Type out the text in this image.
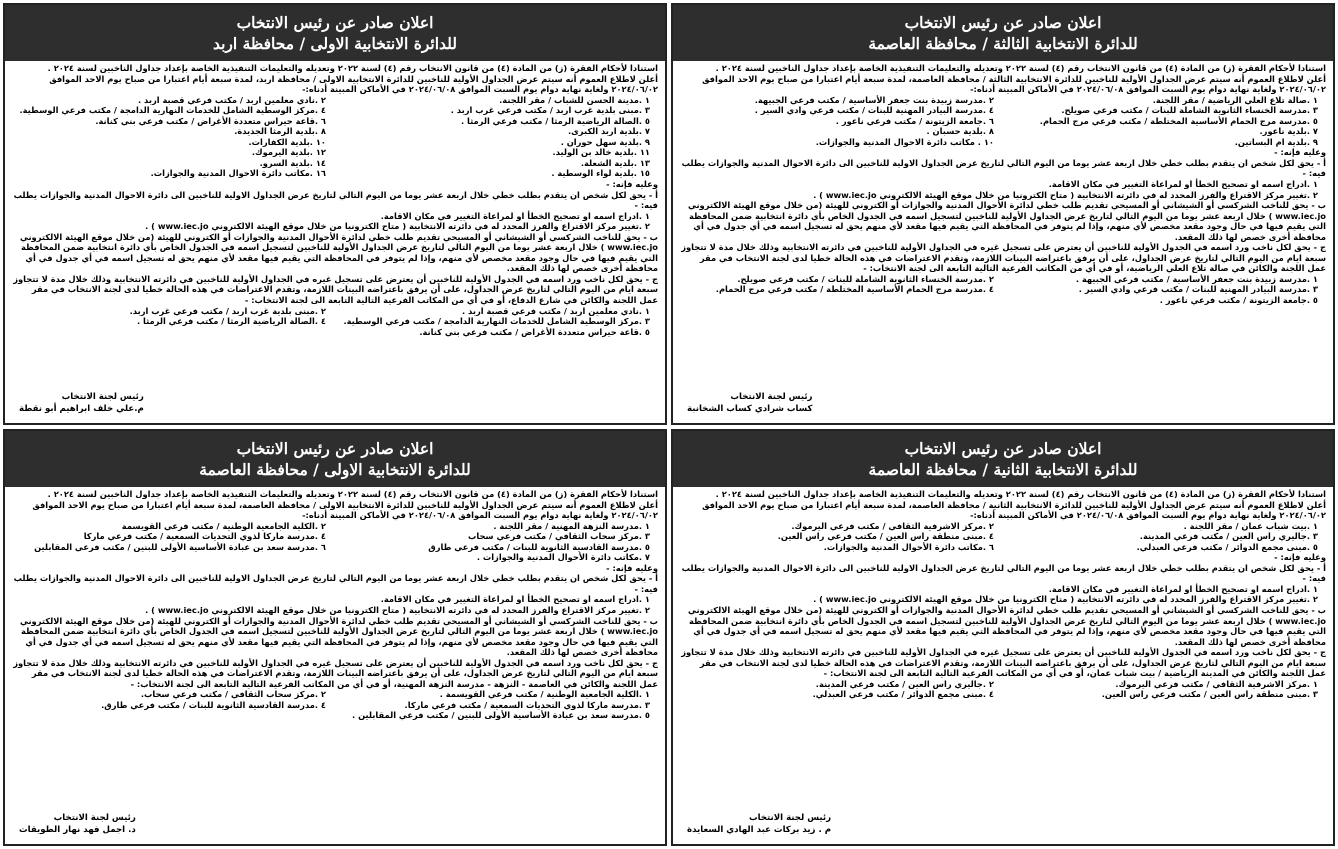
اعلان صادر عن رئيس الانتخاب
للدائرة الانتخابية الثالثة / محافظة العاصمة

استنادا لأحكام الفقرة (ز) من المادة (٤) من قانون الانتخاب رقم (٤) لسنة ٢٠٢٢ وتعديله والتعليمات التنفيذية الخاصة بإعداد جداول الناخبين لسنة ٢٠٢٤ .

أعلن لاطلاع العموم أنه سيتم عرض الجداول الأولية للناخبين للدائرة الانتخابية الثالثة / محافظة العاصمة، لمدة سبعة أيام اعتبارا من صباح يوم الاحد الموافق ٢٠٢٤/٠٦/٠٢ ولغاية نهاية دوام يوم السبت الموافق ٢٠٢٤/٠٦/٠٨ في الأماكن المبينة أدناه:-

١ .صالة تلاع العلي الرياضية / مقر اللجنة.
٢ .مدرسة زبيدة بنت جعفر الأساسية / مكتب فرعي الجبيهة.
٣ .مدرسة الخنساء الثانوية الشاملة للبنات / مكتب فرعي صويلح.
٤ .مدرسة البيادر المهنية للبنات / مكتب فرعي وادي السير .
٥ .مدرسة مرج الحمام الأساسية المختلطة / مكتب فرعي مرج الحمام.
٦ .جامعة الزيتونة / مكتب فرعي ناعور .
٧ .بلدية ناعور.
٨ .بلدية حسبان .
٩ .بلدية ام البساتين.
١٠ . مكاتب دائرة الاحوال المدنية والجوازات.

وعليه فإنه: -

أ - يحق لكل شخص ان يتقدم بطلب خطي خلال اربعة عشر يوما من اليوم التالي لتاريخ عرض الجداول الاولية للناخبين الى دائرة الاحوال المدنية والجوازات يطلب فيه: -

١ .ادراج اسمه او تصحيح الخطأ او لمراعاة التغيير في مكان الاقامة.

٢ .تغيير مركز الاقتراع والفرز المحدد له في دائرته الانتخابية ( متاح الكترونيا من خلال موقع الهيئة الالكتروني www.iec.jo ) .

ب - يحق للناخب الشركسي أو الشيشاني أو المسيحي تقديم طلب خطي لدائرة الأحوال المدنية والجوازات أو الكتروني للهيئة (من خلال موقع الهيئة الالكتروني www.iec.jo ) خلال اربعة عشر يوما من اليوم التالي لتاريخ عرض الجداول الأولية للناخبين لتسجيل اسمه في الجدول الخاص بأي دائرة انتخابية ضمن المحافظة التي يقيم فيها في حال وجود مقعد مخصص لأي منهم، وإذا لم يتوفر في المحافظة التي يقيم فيها مقعد لأي منهم يحق له تسجيل اسمه في أي جدول في أي محافظة أخرى خصص لها ذلك المقعد.

ج - يحق لكل ناخب ورد اسمه في الجدول الأولية للناخبين أن يعترض على تسجيل غيره في الجداول الأولية للناخبين في دائرته الانتخابية وذلك خلال مدة لا تتجاوز سبعة ايام من اليوم التالي لتاريخ عرض الجداول، على أن يرفق باعتراضه البينات اللازمة، وتقدم الاعتراضات في هذه الحالة خطيا لدى لجنة الانتخاب في مقر عمل اللجنة والكائن في صالة تلاع العلي الرياضية، أو في أي من المكاتب الفرعية التالية التابعة الى لجنة الانتخاب: -

١ .مدرسة زبيدة بنت جعفر الأساسية / مكتب فرعي الجبيهة .
٢ .مدرسة الخنساء الثانوية الشاملة للبنات / مكتب فرعي صويلح.
٣ .مدرسة البيادر المهنية للبنات / مكتب فرعي وادي السير .
٤ .مدرسة مرج الحمام الأساسية المختلطة / مكتب فرعي مرج الحمام.
٥ .جامعة الزيتونة / مكتب فرعي ناعور .
رئيس لجنة الانتخاب
كساب شرادي كساب الشخانبة
اعلان صادر عن رئيس الانتخاب
للدائرة الانتخابية الاولى / محافظة اربد

استنادا لأحكام الفقرة (ز) من المادة (٤) من قانون الانتخاب رقم (٤) لسنة ٢٠٢٢ وتعديله والتعليمات التنفيذية الخاصة بإعداد جداول الناخبين لسنة ٢٠٢٤ .

أعلن لاطلاع العموم أنه سيتم عرض الجداول الأولية للناخبين للدائرة الانتخابية الاولى / محافظة اربد، لمدة سبعة أيام اعتبارا من صباح يوم الاحد الموافق ٢٠٢٤/٠٦/٠٢ ولغاية نهاية دوام يوم السبت الموافق ٢٠٢٤/٠٦/٠٨ في الأماكن المبينة أدناه:-

١ .مدينة الحسن للشباب / مقر اللجنة.
٢ .نادي معلمين اربد / مكتب فرعي قصبة اربد .
٣ .مبنى بلدية غرب اربد / مكتب فرعي غرب اربد .
٤ .مركز الوسطية الشامل للخدمات النهارية الدامجة / مكتب فرعي الوسطية.
٥ .الصالة الرياضية الرمثا / مكتب فرعي الرمثا .
٦ .قاعة حيراس متعددة الأغراض / مكتب فرعي بني كنانة.
٧ .بلدية اربد الكبرى.
٨ .بلدية الرمثا الجديدة.
٩ .بلدية سهل حوران .
١٠ .بلدية الكفارات.
١١ .بلدية خالد بن الوليد.
١٢ .بلدية اليرموك.
١٣ .بلدية الشعلة.
١٤ .بلدية السرو.
١٥ .بلدية لواء الوسطية .
١٦ .مكاتب دائرة الاحوال المدنية والجوازات.

وعليه فإنه: -

أ - يحق لكل شخص ان يتقدم بطلب خطي خلال اربعة عشر يوما من اليوم التالي لتاريخ عرض الجداول الاولية للناخبين الى دائرة الاحوال المدنية والجوازات يطلب فيه: -

١ .ادراج اسمه او تصحيح الخطأ او لمراعاة التغيير في مكان الاقامة.

٢ .تغيير مركز الاقتراع والفرز المحدد له في دائرته الانتخابية ( متاح الكترونيا من خلال موقع الهيئة الالكتروني www.iec.jo ) .

ب - يحق للناخب الشركسي أو الشيشاني أو المسيحي تقديم طلب خطي لدائرة الأحوال المدنية والجوازات أو الكتروني للهيئة (من خلال موقع الهيئة الالكتروني www.iec.jo ) خلال اربعة عشر يوما من اليوم التالي لتاريخ عرض الجداول الأولية للناخبين لتسجيل اسمه في الجدول الخاص بأي دائرة انتخابية ضمن المحافظة التي يقيم فيها في حال وجود مقعد مخصص لأي منهم، وإذا لم يتوفر في المحافظة التي يقيم فيها مقعد لأي منهم يحق له تسجيل اسمه في أي جدول في أي محافظة أخرى خصص لها ذلك المقعد.

ج - يحق لكل ناخب ورد اسمه في الجدول الأولية للناخبين أن يعترض على تسجيل غيره في الجداول الأولية للناخبين في دائرته الانتخابية وذلك خلال مدة لا تتجاوز سبعة ايام من اليوم التالي لتاريخ عرض الجداول، على أن يرفق باعتراضه البينات اللازمة، وتقدم الاعتراضات في هذه الحالة خطيا لدى لجنة الانتخاب في مقر عمل اللجنة والكائن في شارع الدفاع، أو في أي من المكاتب الفرعية التالية التابعة الى لجنة الانتخاب: -

١ .نادي معلمين اربد / مكتب فرعي قصبة اربد .
٢ .مبنى بلدية غرب اربد / مكتب فرعي غرب اربد.
٣ .مركز الوسطية الشامل للخدمات النهارية الدامجة / مكتب فرعي الوسطية.
٤ .الصالة الرياضية الرمثا / مكتب فرعي الرمثا .
٥ .قاعة حيراس متعددة الأغراض / مكتب فرعي بني كنانة.
رئيس لجنة الانتخاب
م.علي خلف ابراهيم أبو نقطة
اعلان صادر عن رئيس الانتخاب
للدائرة الانتخابية الثانية / محافظة العاصمة

استنادا لأحكام الفقرة (ز) من المادة (٤) من قانون الانتخاب رقم (٤) لسنة ٢٠٢٢ وتعديله والتعليمات التنفيذية الخاصة بإعداد جداول الناخبين لسنة ٢٠٢٤ .

أعلن لاطلاع العموم أنه سيتم عرض الجداول الأولية للناخبين للدائرة الانتخابية الثانية / محافظة العاصمة، لمدة سبعة أيام اعتبارا من صباح يوم الاحد الموافق ٢٠٢٤/٠٦/٠٢ ولغاية نهاية دوام يوم السبت الموافق ٢٠٢٤/٠٦/٠٨ في الأماكن المبينة أدناه:-

١ .بيت شباب عمان / مقر اللجنة .
٢ .مركز الاشرفية الثقافي / مكتب فرعي اليرموك.
٣ .جاليري راس العين / مكتب فرعي المدينة.
٤ .مبنى منطقة راس العين / مكتب فرعي راس العين.
٥ .مبنى مجمع الدوائر / مكتب فرعي العبدلي.
٦ .مكاتب دائرة الأحوال المدنية والجوازات.

وعليه فإنه: -

أ - يحق لكل شخص ان يتقدم بطلب خطي خلال اربعة عشر يوما من اليوم التالي لتاريخ عرض الجداول الاولية للناخبين الى دائرة الاحوال المدنية والجوازات يطلب فيه: -

١ .ادراج اسمه او تصحيح الخطأ او لمراعاة التغيير في مكان الاقامة.

٢ .تغيير مركز الاقتراع والفرز المحدد له في دائرته الانتخابية ( متاح الكترونيا من خلال موقع الهيئة الالكتروني www.iec.jo ) .

ب - يحق للناخب الشركسي أو الشيشاني أو المسيحي تقديم طلب خطي لدائرة الأحوال المدنية والجوازات أو الكتروني للهيئة (من خلال موقع الهيئة الالكتروني www.iec.jo ) خلال اربعة عشر يوما من اليوم التالي لتاريخ عرض الجداول الأولية للناخبين لتسجيل اسمه في الجدول الخاص بأي دائرة انتخابية ضمن المحافظة التي يقيم فيها في حال وجود مقعد مخصص لأي منهم، وإذا لم يتوفر في المحافظة التي يقيم فيها مقعد لأي منهم يحق له تسجيل اسمه في أي جدول في أي محافظة أخرى خصص لها ذلك المقعد.

ج - يحق لكل ناخب ورد اسمه في الجدول الأولية للناخبين أن يعترض على تسجيل غيره في الجداول الأولية للناخبين في دائرته الانتخابية وذلك خلال مدة لا تتجاوز سبعة ايام من اليوم التالي لتاريخ عرض الجداول، على أن يرفق باعتراضه البينات اللازمة، وتقدم الاعتراضات في هذه الحالة خطيا لدى لجنة الانتخاب في مقر عمل اللجنة والكائن في المدينة الرياضية / بيت شباب عمان، أو في أي من المكاتب الفرعية التالية التابعة الى لجنة الانتخاب: -

١ .مركز الاشرفية الثقافي / مكتب فرعي اليرموك.
٢ .جاليري راس العين / مكتب فرعي المدينة.
٣ .مبنى منطقة راس العين / مكتب فرعي راس العين.
٤ .مبنى مجمع الدوائر / مكتب فرعي العبدلي.
رئيس لجنة الانتخاب
م . زيد بركات عبد الهادي السعايدة
اعلان صادر عن رئيس الانتخاب
للدائرة الانتخابية الاولى / محافظة العاصمة

استنادا لأحكام الفقرة (ز) من المادة (٤) من قانون الانتخاب رقم (٤) لسنة ٢٠٢٢ وتعديله والتعليمات التنفيذية الخاصة بإعداد جداول الناخبين لسنة ٢٠٢٤ .

أعلن لاطلاع العموم أنه سيتم عرض الجداول الأولية للناخبين للدائرة الانتخابية الاولى / محافظة العاصمة، لمدة سبعة أيام اعتبارا من صباح يوم الاحد الموافق ٢٠٢٤/٠٦/٠٢ ولغاية نهاية دوام يوم السبت الموافق ٢٠٢٤/٠٦/٠٨ في الأماكن المبينة أدناه:-

١ .مدرسة النزهة المهنية / مقر اللجنة .
٢ .الكلية الجامعية الوطنية / مكتب فرعي القويسمة
٣ .مركز سحاب الثقافي / مكتب فرعي سحاب
٤ .مدرسة ماركا لذوي التحديات السمعية / مكتب فرعي ماركا
٥ .مدرسة القادسية الثانوية للبنات / مكتب فرعي طارق
٦ .مدرسة سعد بن عبادة الأساسية الأولى للبنين / مكتب فرعي المقابلين
٧ .مكاتب دائرة الأحوال المدنية والجوازات .

وعليه فإنه: -

أ - يحق لكل شخص ان يتقدم بطلب خطي خلال اربعة عشر يوما من اليوم التالي لتاريخ عرض الجداول الاولية للناخبين الى دائرة الاحوال المدنية والجوازات يطلب فيه: -

١ .ادراج اسمه او تصحيح الخطأ او لمراعاة التغيير في مكان الاقامة.

٢ .تغيير مركز الاقتراع والفرز المحدد له في دائرته الانتخابية ( متاح الكترونيا من خلال موقع الهيئة الالكتروني www.iec.jo ) .

ب - يحق للناخب الشركسي أو الشيشاني أو المسيحي تقديم طلب خطي لدائرة الأحوال المدنية والجوازات أو الكتروني للهيئة (من خلال موقع الهيئة الالكتروني www.iec.jo ) خلال اربعة عشر يوما من اليوم التالي لتاريخ عرض الجداول الأولية للناخبين لتسجيل اسمه في الجدول الخاص بأي دائرة انتخابية ضمن المحافظة التي يقيم فيها في حال وجود مقعد مخصص لأي منهم، وإذا لم يتوفر في المحافظة التي يقيم فيها مقعد لأي منهم يحق له تسجيل اسمه في أي جدول في أي محافظة أخرى خصص لها ذلك المقعد.

ج - يحق لكل ناخب ورد اسمه في الجدول الأولية للناخبين أن يعترض على تسجيل غيره في الجداول الأولية للناخبين في دائرته الانتخابية وذلك خلال مدة لا تتجاوز سبعة ايام من اليوم التالي لتاريخ عرض الجداول، على أن يرفق باعتراضه البينات اللازمة، وتقدم الاعتراضات في هذه الحالة خطيا لدى لجنة الانتخاب في مقر عمل اللجنة والكائن في العاصمة - النزهة - مدرسة النزهة المهنية، أو في أي من المكاتب الفرعية التالية التابعة الى لجنة الانتخاب: -

١ .الكلية الجامعية الوطنية / مكتب فرعي القويسمة .
٢ .مركز سحاب الثقافي / مكتب فرعي سحاب.
٣ .مدرسة ماركا لذوي التحديات السمعية / مكتب فرعي ماركا.
٤ .مدرسة القادسية الثانوية للبنات / مكتب فرعي طارق.
٥ .مدرسة سعد بن عبادة الأساسية الأولى للبنين / مكتب فرعي المقابلين .
رئيس لجنة الانتخاب
د. اجمل فهد نهار الطويقات
